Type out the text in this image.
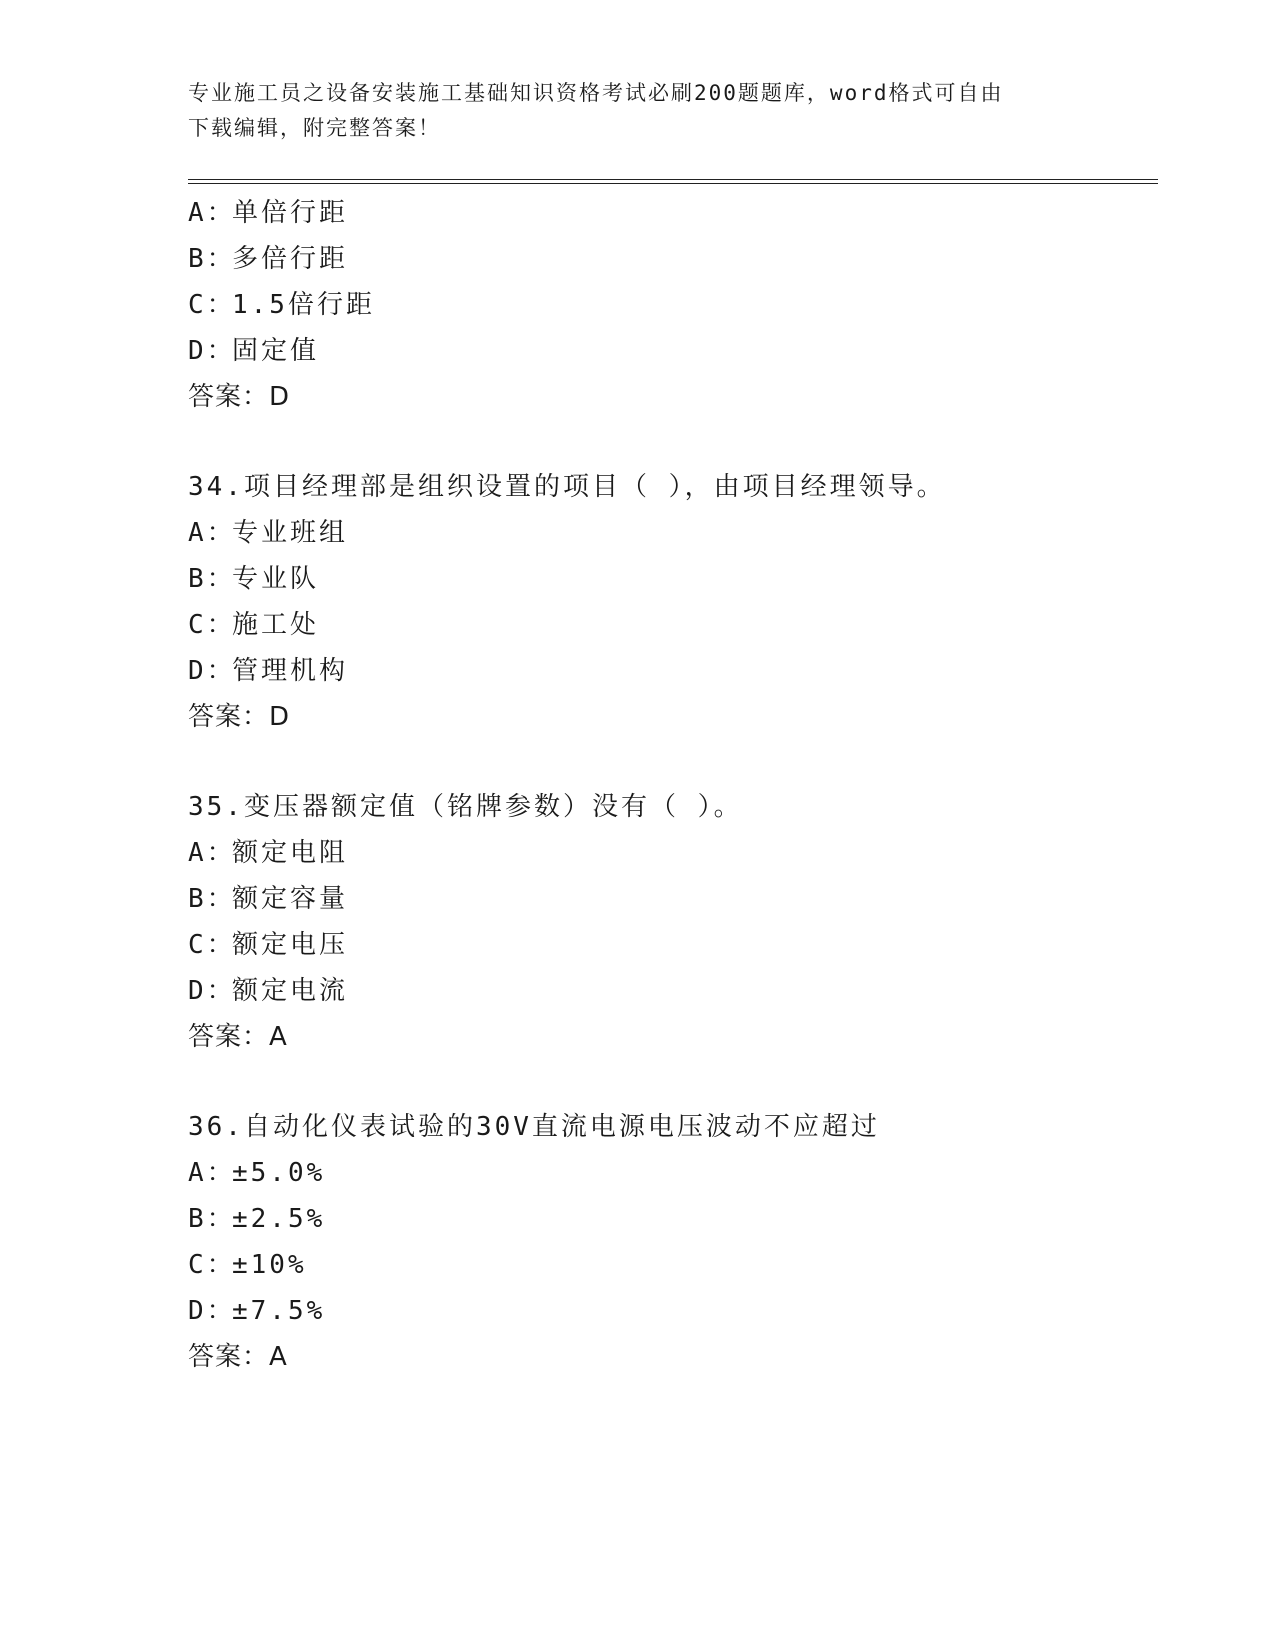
专业施工员之设备安装施工基础知识资格考试必刷200题题库，word格式可自由
下载编辑，附完整答案！
A：单倍行距
B：多倍行距
C：1.5倍行距
D：固定值
答案：D
34.项目经理部是组织设置的项目（ ），由项目经理领导。
A：专业班组
B：专业队
C：施工处
D：管理机构
答案：D
35.变压器额定值（铭牌参数）没有（ ）。
A：额定电阻
B：额定容量
C：额定电压
D：额定电流
答案：A
36.自动化仪表试验的30V直流电源电压波动不应超过
A：±5.0%
B：±2.5%
C：±10%
D：±7.5%
答案：A
